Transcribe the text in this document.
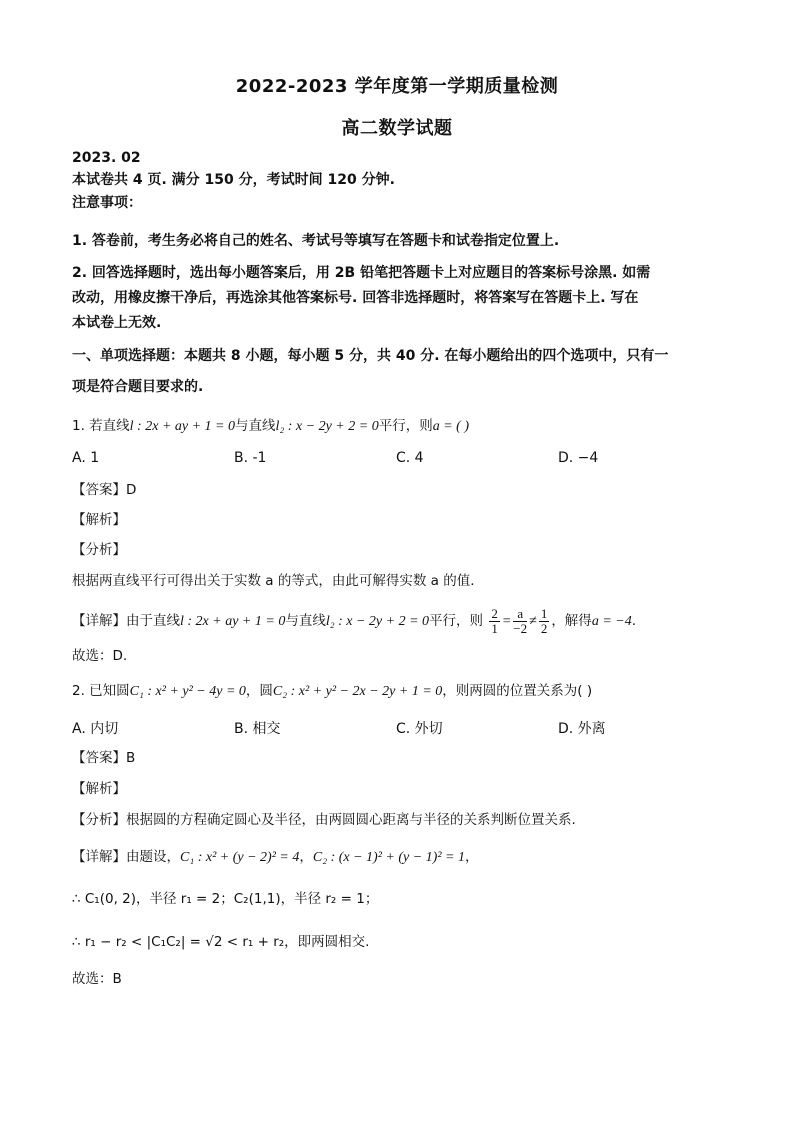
2022-2023 学年度第一学期质量检测
高二数学试题
2023. 02
本试卷共 4 页. 满分 150 分，考试时间 120 分钟.
注意事项：
1. 答卷前，考生务必将自己的姓名、考试号等填写在答题卡和试卷指定位置上.
2. 回答选择题时，选出每小题答案后，用 2B 铅笔把答题卡上对应题目的答案标号涂黑. 如需
改动，用橡皮擦干净后，再选涂其他答案标号. 回答非选择题时，将答案写在答题卡上. 写在
本试卷上无效.
一、单项选择题：本题共 8 小题，每小题 5 分，共 40 分. 在每小题给出的四个选项中，只有一
项是符合题目要求的.
1. 若直线l : 2x + ay + 1 = 0与直线l₂ : x − 2y + 2 = 0平行，则a = ( )
A. 1	B. -1	C. 4	D. −4
【答案】D
【解析】
【分析】
根据两直线平行可得出关于实数 a 的等式，由此可解得实数 a 的值.
【详解】由于直线l : 2x + ay + 1 = 0与直线l₂ : x − 2y + 2 = 0平行，则 $\frac{2}{1} = \frac{a}{-2} \ne \frac{1}{2}$ ，解得a = −4.
故选：D.
2. 已知圆C₁ : x² + y² − 4y = 0，圆C₂ : x² + y² − 2x − 2y + 1 = 0，则两圆的位置关系为( )
A. 内切	B. 相交	C. 外切	D. 外离
【答案】B
【解析】
【分析】根据圆的方程确定圆心及半径，由两圆圆心距离与半径的关系判断位置关系.
【详解】由题设，C₁ : x² + (y − 2)² = 4，C₂ : (x − 1)² + (y − 1)² = 1，
∴ C₁(0, 2)，半径 r₁ = 2；C₂(1,1)，半径 r₂ = 1；
∴ r₁ − r₂ < |C₁C₂| = √2 < r₁ + r₂，即两圆相交.
故选：B
